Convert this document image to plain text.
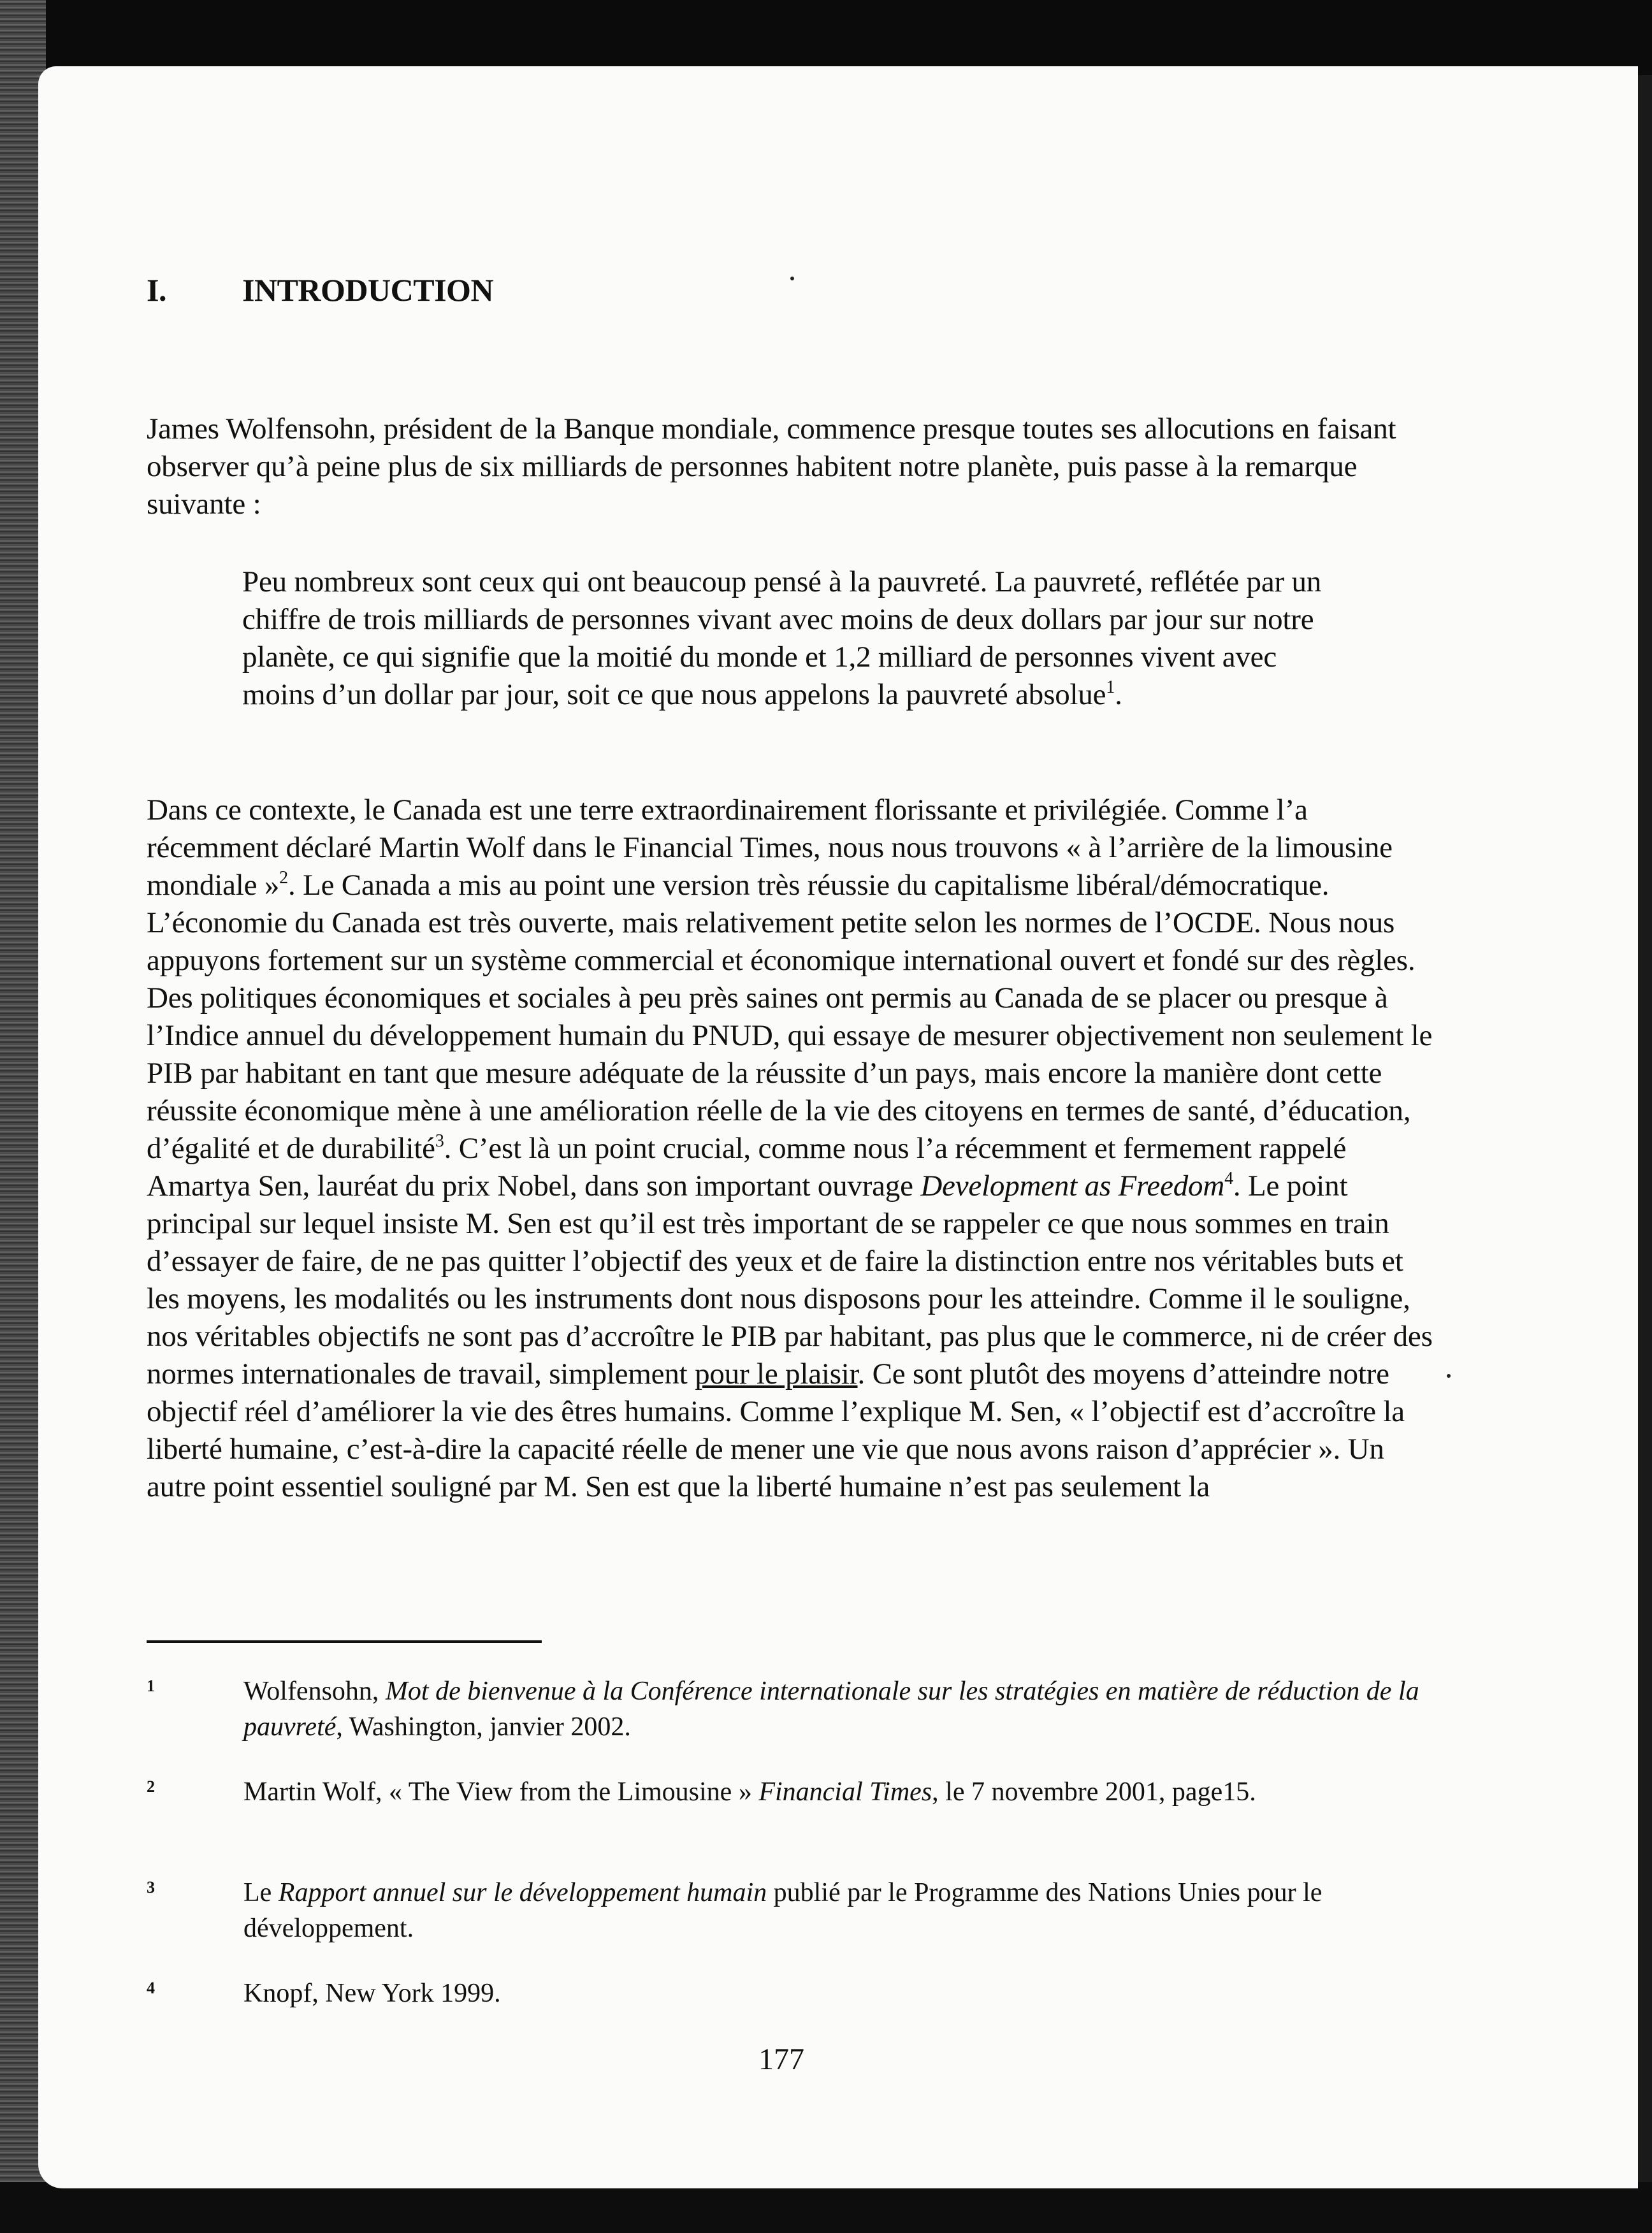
I. INTRODUCTION

James Wolfensohn, président de la Banque mondiale, commence presque toutes ses allocutions en faisant observer qu’à peine plus de six milliards de personnes habitent notre planète, puis passe à la remarque suivante :

Peu nombreux sont ceux qui ont beaucoup pensé à la pauvreté. La pauvreté, reflétée par un chiffre de trois milliards de personnes vivant avec moins de deux dollars par jour sur notre planète, ce qui signifie que la moitié du monde et 1,2 milliard de personnes vivent avec moins d’un dollar par jour, soit ce que nous appelons la pauvreté absolue$^1$.

Dans ce contexte, le Canada est une terre extraordinairement florissante et privilégiée. Comme l’a récemment déclaré Martin Wolf dans le Financial Times, nous nous trouvons « à l’arrière de la limousine mondiale »$^2$. Le Canada a mis au point une version très réussie du capitalisme libéral/démocratique. L’économie du Canada est très ouverte, mais relativement petite selon les normes de l’OCDE. Nous nous appuyons fortement sur un système commercial et économique international ouvert et fondé sur des règles. Des politiques économiques et sociales à peu près saines ont permis au Canada de se placer ou presque à l’Indice annuel du développement humain du PNUD, qui essaye de mesurer objectivement non seulement le PIB par habitant en tant que mesure adéquate de la réussite d’un pays, mais encore la manière dont cette réussite économique mène à une amélioration réelle de la vie des citoyens en termes de santé, d’éducation, d’égalité et de durabilité$^3$. C’est là un point crucial, comme nous l’a récemment et fermement rappelé Amartya Sen, lauréat du prix Nobel, dans son important ouvrage Development as Freedom$^4$. Le point principal sur lequel insiste M. Sen est qu’il est très important de se rappeler ce que nous sommes en train d’essayer de faire, de ne pas quitter l’objectif des yeux et de faire la distinction entre nos véritables buts et les moyens, les modalités ou les instruments dont nous disposons pour les atteindre. Comme il le souligne, nos véritables objectifs ne sont pas d’accroître le PIB par habitant, pas plus que le commerce, ni de créer des normes internationales de travail, simplement pour le plaisir. Ce sont plutôt des moyens d’atteindre notre objectif réel d’améliorer la vie des êtres humains. Comme l’explique M. Sen, « l’objectif est d’accroître la liberté humaine, c’est-à-dire la capacité réelle de mener une vie que nous avons raison d’apprécier ». Un autre point essentiel souligné par M. Sen est que la liberté humaine n’est pas seulement la

1	Wolfensohn, Mot de bienvenue à la Conférence internationale sur les stratégies en matière de réduction de la pauvreté, Washington, janvier 2002.
2	Martin Wolf, « The View from the Limousine » Financial Times, le 7 novembre 2001, page15.
3	Le Rapport annuel sur le développement humain publié par le Programme des Nations Unies pour le développement.
4	Knopf, New York 1999.
177
